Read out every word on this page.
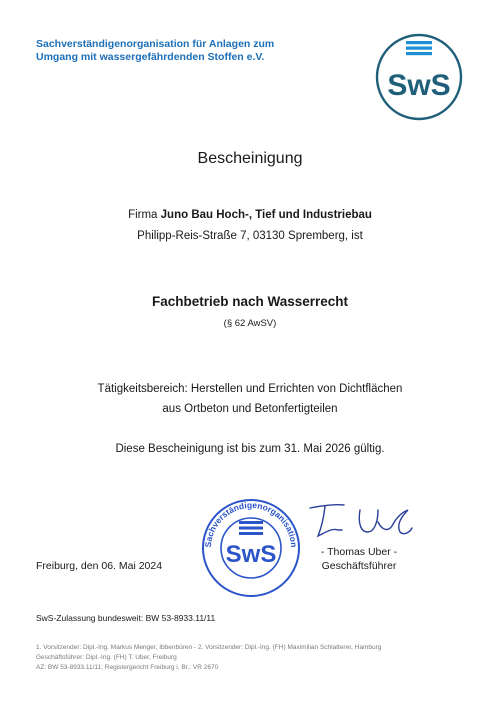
Sachverständigenorganisation für Anlagen zum
Umgang mit wassergefährdenden Stoffen e.V.
SwS
Bescheinigung
Firma Juno Bau Hoch-, Tief und Industriebau
Philipp-Reis-Straße 7, 03130 Spremberg, ist
Fachbetrieb nach Wasserrecht
(§ 62 AwSV)
Tätigkeitsbereich: Herstellen und Errichten von Dichtflächen
aus Ortbeton und Betonfertigteilen
Diese Bescheinigung ist bis zum 31. Mai 2026 gültig.
Sachverständigenorganisation
SwS	- Thomas Uber -
Geschäftsführer
Freiburg, den 06. Mai 2024
SwS-Zulassung bundesweit: BW 53-8933.11/11
1. Vorsitzender: Dipl.-Ing. Markus Menger, Ibbenbüren - 2. Vorsitzender: Dipl.-Ing. (FH) Maximilian Schlatterer, Hamburg
Geschäftsführer: Dipl.-Ing. (FH) T. Uber, Freiburg
AZ: BW 53-8933.11/11; Registergericht Freiburg i. Br.: VR 2670
